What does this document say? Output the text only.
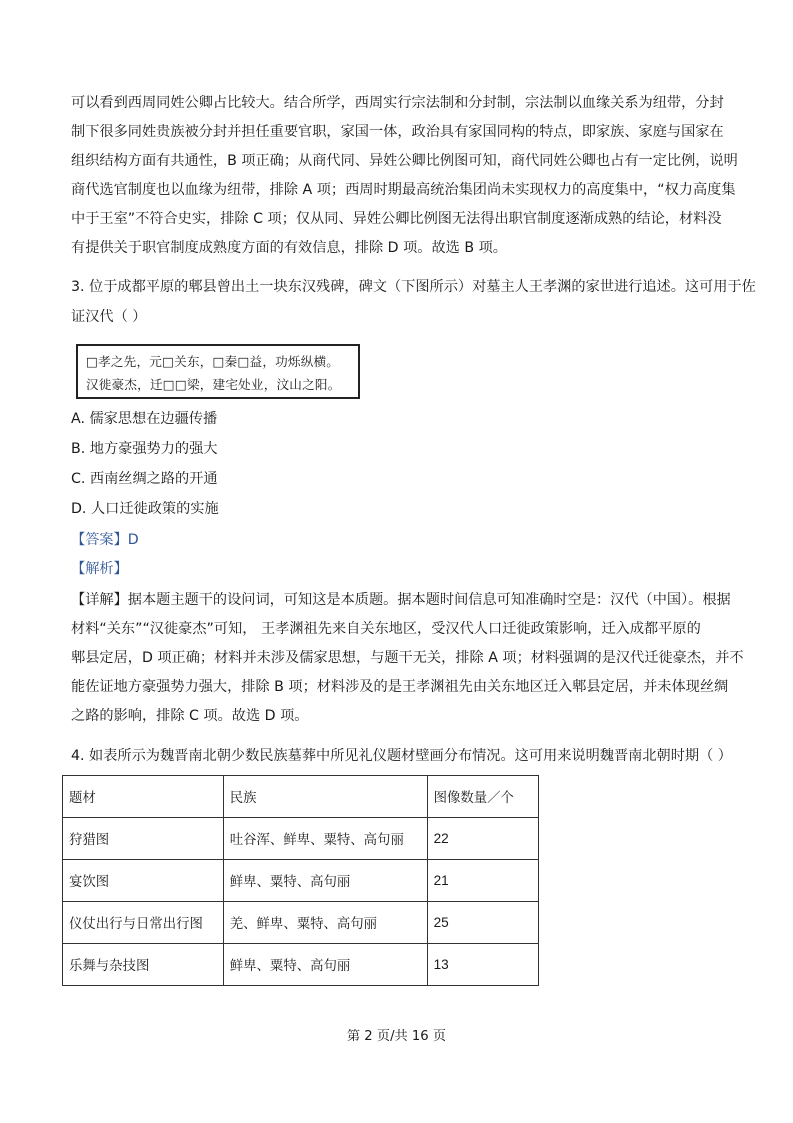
可以看到西周同姓公卿占比较大。结合所学，西周实行宗法制和分封制，宗法制以血缘关系为纽带，分封
制下很多同姓贵族被分封并担任重要官职，家国一体，政治具有家国同构的特点，即家族、家庭与国家在
组织结构方面有共通性，B 项正确；从商代同、异姓公卿比例图可知，商代同姓公卿也占有一定比例，说明
商代选官制度也以血缘为纽带，排除 A 项；西周时期最高统治集团尚未实现权力的高度集中，“权力高度集
中于王室”不符合史实，排除 C 项；仅从同、异姓公卿比例图无法得出职官制度逐渐成熟的结论，材料没
有提供关于职官制度成熟度方面的有效信息，排除 D 项。故选 B 项。
3. 位于成都平原的郫县曾出土一块东汉残碑，碑文（下图所示）对墓主人王孝渊的家世进行追述。这可用于佐
证汉代（ ）
□孝之先，元□关东，□秦□益，功烁纵横。
汉徙豪杰，迁□□梁，建宅处业，汶山之阳。
A. 儒家思想在边疆传播
B. 地方豪强势力的强大
C. 西南丝绸之路的开通
D. 人口迁徙政策的实施
【答案】D
【解析】
【详解】据本题主题干的设问词，可知这是本质题。据本题时间信息可知准确时空是：汉代（中国）。根据
材料“关东”“汉徙豪杰”可知， 王孝渊祖先来自关东地区，受汉代人口迁徙政策影响，迁入成都平原的
郫县定居，D 项正确；材料并未涉及儒家思想，与题干无关，排除 A 项；材料强调的是汉代迁徙豪杰，并不
能佐证地方豪强势力强大，排除 B 项；材料涉及的是王孝渊祖先由关东地区迁入郫县定居，并未体现丝绸
之路的影响，排除 C 项。故选 D 项。
4. 如表所示为魏晋南北朝少数民族墓葬中所见礼仪题材壁画分布情况。这可用来说明魏晋南北朝时期（ ）
题材	民族	图像数量／个
狩猎图	吐谷浑、鲜卑、粟特、高句丽	22
宴饮图	鲜卑、粟特、高句丽	21
仪仗出行与日常出行图	羌、鲜卑、粟特、高句丽	25
乐舞与杂技图	鲜卑、粟特、高句丽	13
第 2 页/共 16 页
